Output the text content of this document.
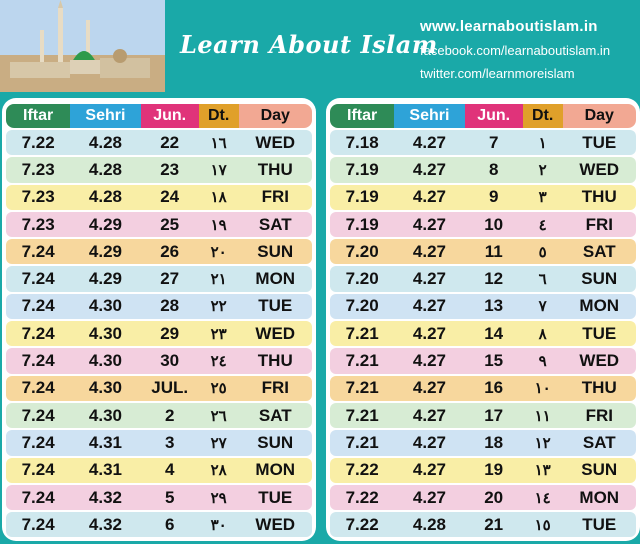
Learn About Islam
www.learnaboutislam.in
facebook.com/learnaboutislam.in
twitter.com/learnmoreislam
Iftar	Sehri	Jun.	Dt.	Day
7.22	4.28	22	١٦	WED
7.23	4.28	23	١٧	THU
7.23	4.28	24	١٨	FRI
7.23	4.29	25	١٩	SAT
7.24	4.29	26	٢٠	SUN
7.24	4.29	27	٢١	MON
7.24	4.30	28	٢٢	TUE
7.24	4.30	29	٢٣	WED
7.24	4.30	30	٢٤	THU
7.24	4.30	JUL.	٢٥	FRI
7.24	4.30	2	٢٦	SAT
7.24	4.31	3	٢٧	SUN
7.24	4.31	4	٢٨	MON
7.24	4.32	5	٢٩	TUE
7.24	4.32	6	٣٠	WED
Iftar	Sehri	Jun.	Dt.	Day
7.18	4.27	7	١	TUE
7.19	4.27	8	٢	WED
7.19	4.27	9	٣	THU
7.19	4.27	10	٤	FRI
7.20	4.27	11	٥	SAT
7.20	4.27	12	٦	SUN
7.20	4.27	13	٧	MON
7.21	4.27	14	٨	TUE
7.21	4.27	15	٩	WED
7.21	4.27	16	١٠	THU
7.21	4.27	17	١١	FRI
7.21	4.27	18	١٢	SAT
7.22	4.27	19	١٣	SUN
7.22	4.27	20	١٤	MON
7.22	4.28	21	١٥	TUE
